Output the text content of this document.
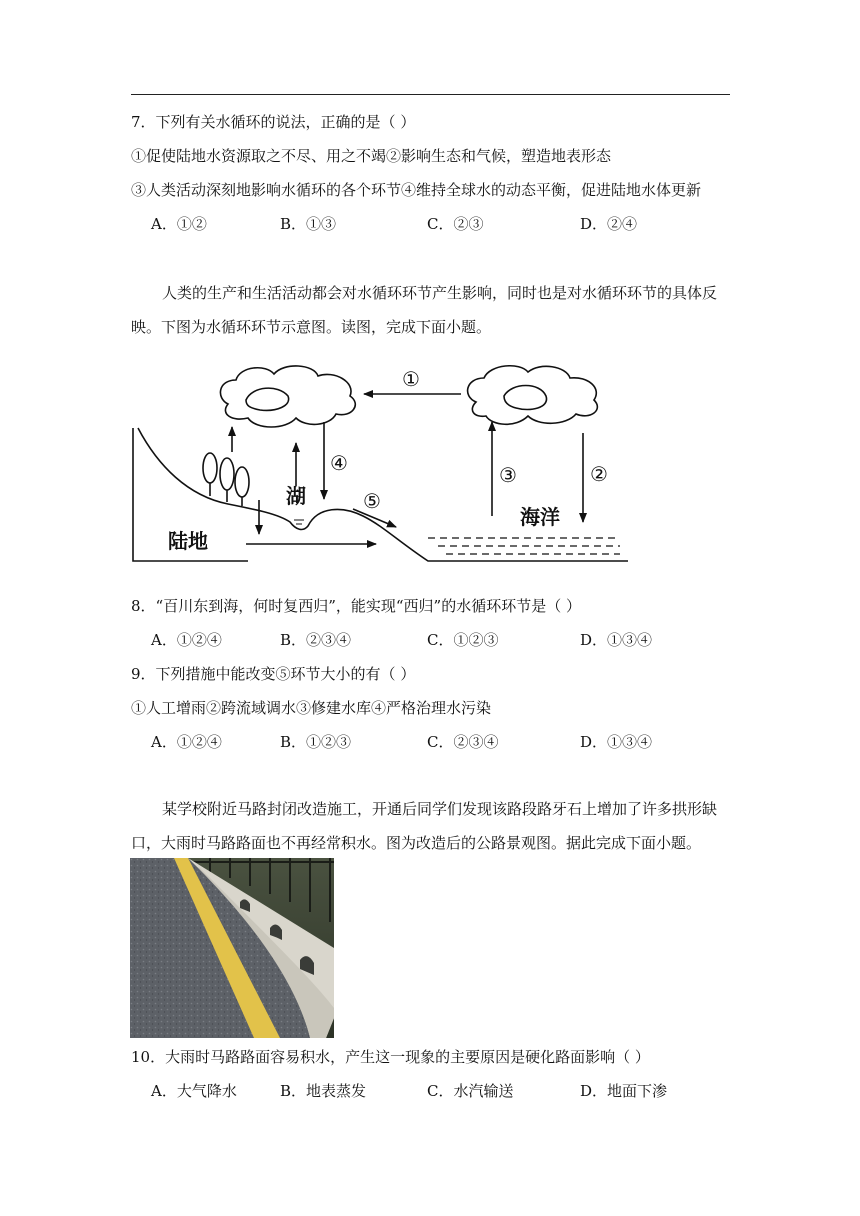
7．下列有关水循环的说法，正确的是（ ）
①促使陆地水资源取之不尽、用之不竭②影响生态和气候，塑造地表形态
③人类活动深刻地影响水循环的各个环节④维持全球水的动态平衡，促进陆地水体更新
A．①②	B．①③	C．②③	D．②④
人类的生产和生活活动都会对水循环环节产生影响，同时也是对水循环环节的具体反
映。下图为水循环环节示意图。读图，完成下面小题。
①
②
③
④
⑤
湖
陆地
海洋
8．“百川东到海，何时复西归”，能实现“西归”的水循环环节是（ ）
A．①②④	B．②③④	C．①②③	D．①③④
9．下列措施中能改变⑤环节大小的有（ ）
①人工增雨②跨流域调水③修建水库④严格治理水污染
A．①②④	B．①②③	C．②③④	D．①③④
某学校附近马路封闭改造施工，开通后同学们发现该路段路牙石上增加了许多拱形缺
口，大雨时马路路面也不再经常积水。图为改造后的公路景观图。据此完成下面小题。
10．大雨时马路路面容易积水，产生这一现象的主要原因是硬化路面影响（ ）
A．大气降水	B．地表蒸发	C．水汽输送	D．地面下渗
